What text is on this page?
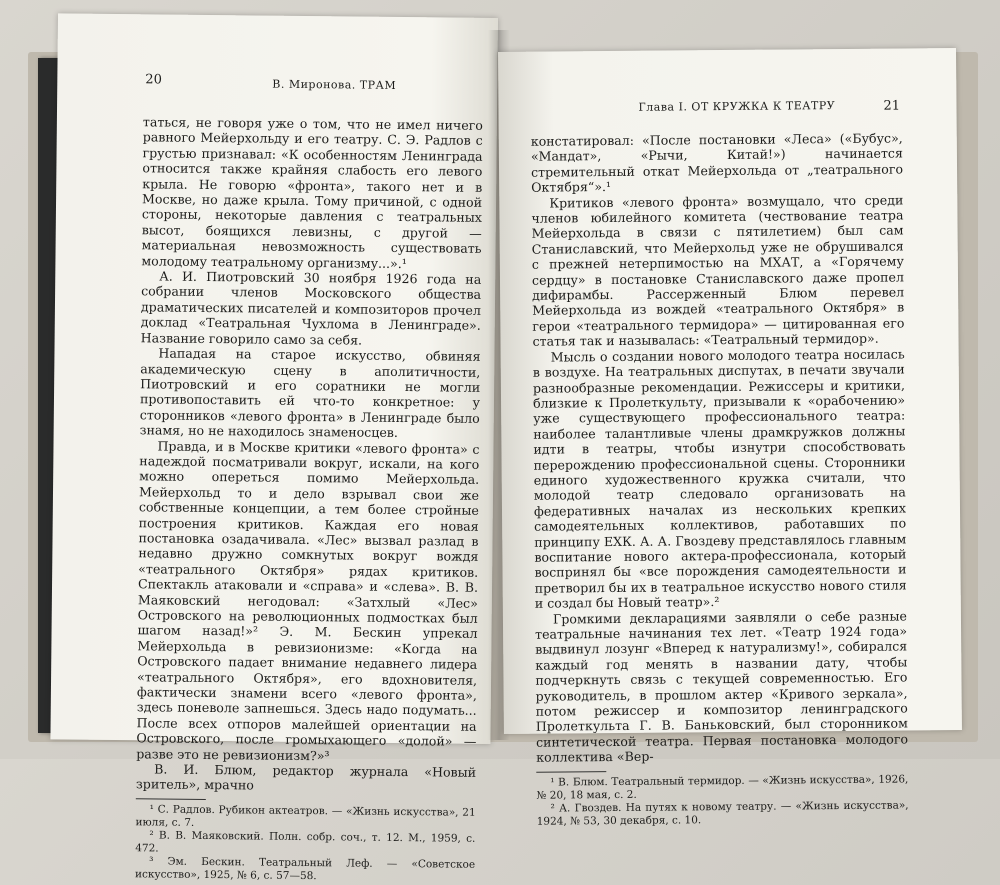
20	В. Миронова. ТРАМ

таться, не говоря уже о том, что не имел ничего равного Мейерхольду и его театру. С. Э. Радлов с грустью признавал: «К особенностям Ленинграда относится также крайняя слабость его левого крыла. Не говорю «фронта», такого нет и в Москве, но даже крыла. Тому причиной, с одной стороны, некоторые давления с театральных высот, боящихся левизны, с другой — материальная невозможность существовать молодому театральному организму...».¹

А. И. Пиотровский 30 ноября 1926 года на собрании членов Московского общества драматических писателей и композиторов прочел доклад «Театральная Чухлома в Ленинграде». Название говорило само за себя.

Нападая на старое искусство, обвиняя академическую сцену в аполитичности, Пиотровский и его соратники не могли противопоставить ей что-то конкретное: у сторонников «левого фронта» в Ленинграде было знамя, но не находилось знаменосцев.

Правда, и в Москве критики «левого фронта» с надеждой посматривали вокруг, искали, на кого можно опереться помимо Мейерхольда. Мейерхольд то и дело взрывал свои же собственные концепции, а тем более стройные построения критиков. Каждая его новая постановка озадачивала. «Лес» вызвал разлад в недавно дружно сомкнутых вокруг вождя «театрального Октября» рядах критиков. Спектакль атаковали и «справа» и «слева». В. В. Маяковский негодовал: «Затхлый «Лес» Островского на революционных подмостках был шагом назад!»² Э. М. Бескин упрекал Мейерхольда в ревизионизме: «Когда на Островского падает внимание недавнего лидера «театрального Октября», его вдохновителя, фактически знамени всего «левого фронта», здесь поневоле запнешься. Здесь надо подумать... После всех отпоров малейшей ориентации на Островского, после громыхающего «долой» — разве это не ревизионизм?»³

В. И. Блюм, редактор журнала «Новый зритель», мрачно

¹ С. Радлов. Рубикон актеатров. — «Жизнь искусства», 21 июля, с. 7.

² В. В. Маяковский. Полн. собр. соч., т. 12. М., 1959, с. 472.

³ Эм. Бескин. Театральный Леф. — «Советское искусство», 1925, № 6, с. 57—58.

Глава I. ОТ КРУЖКА К ТЕАТРУ	21

констатировал: «После постановки «Леса» («Бубус», «Мандат», «Рычи, Китай!») начинается стремительный откат Мейерхольда от „театрального Октября“».¹

Критиков «левого фронта» возмущало, что среди членов юбилейного комитета (чествование театра Мейерхольда в связи с пятилетием) был сам Станиславский, что Мейерхольд уже не обрушивался с прежней нетерпимостью на МХАТ, а «Горячему сердцу» в постановке Станиславского даже пропел дифирамбы. Рассерженный Блюм перевел Мейерхольда из вождей «театрального Октября» в герои «театрального термидора» — цитированная его статья так и называлась: «Театральный термидор».

Мысль о создании нового молодого театра носилась в воздухе. На театральных диспутах, в печати звучали разнообразные рекомендации. Режиссеры и критики, близкие к Пролеткульту, призывали к «орабочению» уже существующего профессионального театра: наиболее талантливые члены драмкружков должны идти в театры, чтобы изнутри способствовать перерождению профессиональной сцены. Сторонники единого художественного кружка считали, что молодой театр следовало организовать на федеративных началах из нескольких крепких самодеятельных коллективов, работавших по принципу ЕХК. А. А. Гвоздеву представлялось главным воспитание нового актера-профессионала, который воспринял бы «все порождения самодеятельности и претворил бы их в театральное искусство нового стиля и создал бы Новый театр».²

Громкими декларациями заявляли о себе разные театральные начинания тех лет. «Театр 1924 года» выдвинул лозунг «Вперед к натурализму!», собирался каждый год менять в названии дату, чтобы подчеркнуть связь с текущей современностью. Его руководитель, в прошлом актер «Кривого зеркала», потом режиссер и композитор ленинградского Пролеткульта Г. В. Баньковский, был сторонником синтетической театра. Первая постановка молодого коллектива «Вер-

¹ В. Блюм. Театральный термидор. — «Жизнь искусства», 1926, № 20, 18 мая, с. 2.

² А. Гвоздев. На путях к новому театру. — «Жизнь искусства», 1924, № 53, 30 декабря, с. 10.
